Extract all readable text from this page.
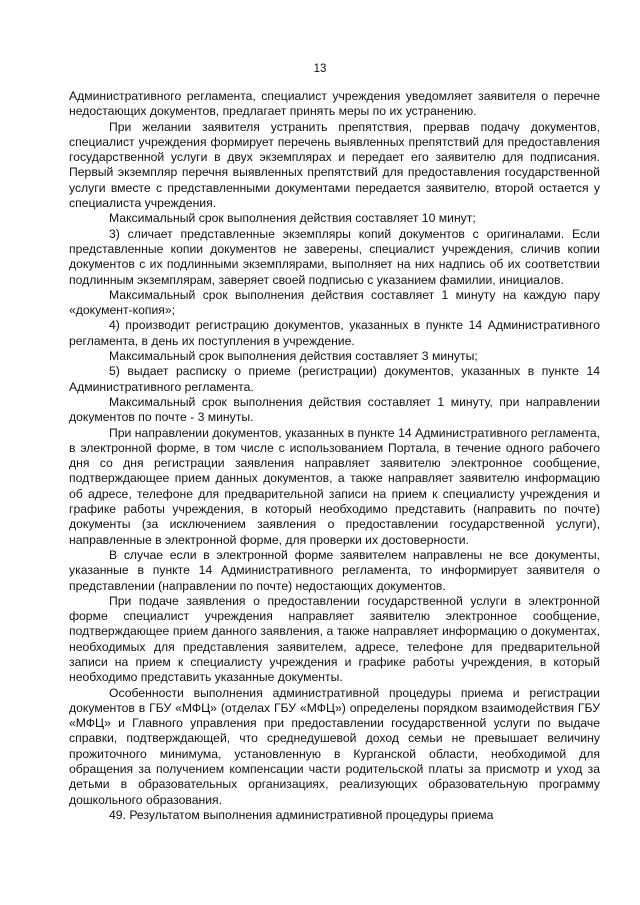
13

Административного регламента, специалист учреждения уведомляет заявителя о перечне недостающих документов, предлагает принять меры по их устранению.

При желании заявителя устранить препятствия, прервав подачу документов, специалист учреждения формирует перечень выявленных препятствий для предоставления государственной услуги в двух экземплярах и передает его заявителю для подписания. Первый экземпляр перечня выявленных препятствий для предоставления государственной услуги вместе с представленными документами передается заявителю, второй остается у специалиста учреждения.

Максимальный срок выполнения действия составляет 10 минут;

3) сличает представленные экземпляры копий документов с оригиналами. Если представленные копии документов не заверены, специалист учреждения, сличив копии документов с их подлинными экземплярами, выполняет на них надпись об их соответствии подлинным экземплярам, заверяет своей подписью с указанием фамилии, инициалов.

Максимальный срок выполнения действия составляет 1 минуту на каждую пару «документ-копия»;

4) производит регистрацию документов, указанных в пункте 14 Административного регламента, в день их поступления в учреждение.

Максимальный срок выполнения действия составляет 3 минуты;

5) выдает расписку о приеме (регистрации) документов, указанных в пункте 14 Административного регламента.

Максимальный срок выполнения действия составляет 1 минуту, при направлении документов по почте - 3 минуты.

При направлении документов, указанных в пункте 14 Административного регламента, в электронной форме, в том числе с использованием Портала, в течение одного рабочего дня со дня регистрации заявления направляет заявителю электронное сообщение, подтверждающее прием данных документов, а также направляет заявителю информацию об адресе, телефоне для предварительной записи на прием к специалисту учреждения и графике работы учреждения, в который необходимо представить (направить по почте) документы (за исключением заявления о предоставлении государственной услуги), направленные в электронной форме, для проверки их достоверности.

В случае если в электронной форме заявителем направлены не все документы, указанные в пункте 14 Административного регламента, то информирует заявителя о представлении (направлении по почте) недостающих документов.

При подаче заявления о предоставлении государственной услуги в электронной форме специалист учреждения направляет заявителю электронное сообщение, подтверждающее прием данного заявления, а также направляет информацию о документах, необходимых для представления заявителем, адресе, телефоне для предварительной записи на прием к специалисту учреждения и графике работы учреждения, в который необходимо представить указанные документы.

Особенности выполнения административной процедуры приема и регистрации документов в ГБУ «МФЦ» (отделах ГБУ «МФЦ») определены порядком взаимодействия ГБУ «МФЦ» и Главного управления при предоставлении государственной услуги по выдаче справки, подтверждающей, что среднедушевой доход семьи не превышает величину прожиточного минимума, установленную в Курганской области, необходимой для обращения за получением компенсации части родительской платы за присмотр и уход за детьми в образовательных организациях, реализующих образовательную программу дошкольного образования.

49. Результатом выполнения административной процедуры приема
